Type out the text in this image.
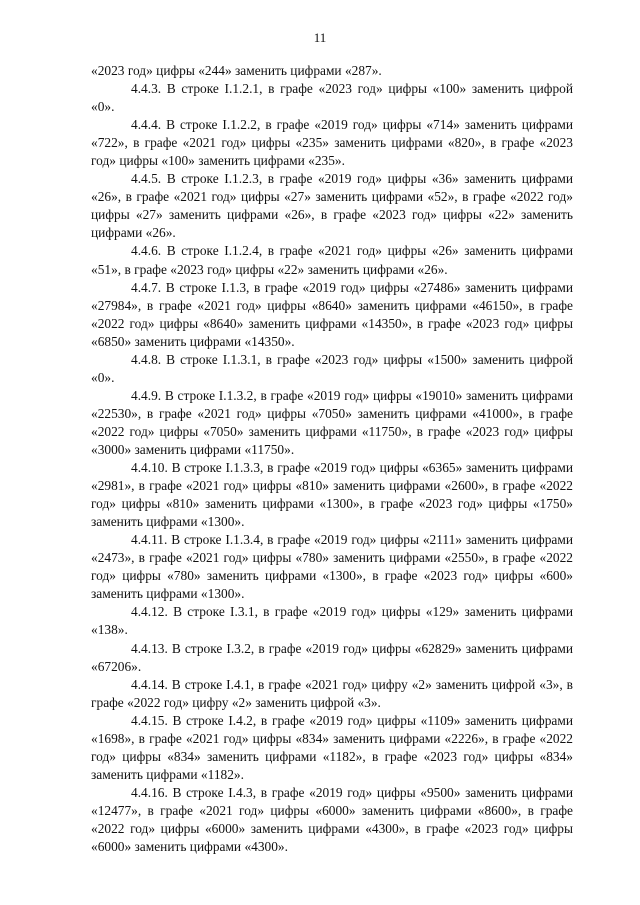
11

«2023 год» цифры «244» заменить цифрами «287».

4.4.3. В строке I.1.2.1, в графе «2023 год» цифры «100» заменить цифрой «0».

4.4.4. В строке I.1.2.2, в графе «2019 год» цифры «714» заменить цифрами «722», в графе «2021 год» цифры «235» заменить цифрами «820», в графе «2023 год» цифры «100» заменить цифрами «235».

4.4.5. В строке I.1.2.3, в графе «2019 год» цифры «36» заменить цифрами «26», в графе «2021 год» цифры «27» заменить цифрами «52», в графе «2022 год» цифры «27» заменить цифрами «26», в графе «2023 год» цифры «22» заменить цифрами «26».

4.4.6. В строке I.1.2.4, в графе «2021 год» цифры «26» заменить цифрами «51», в графе «2023 год» цифры «22» заменить цифрами «26».

4.4.7. В строке I.1.3, в графе «2019 год» цифры «27486» заменить цифрами «27984», в графе «2021 год» цифры «8640» заменить цифрами «46150», в графе «2022 год» цифры «8640» заменить цифрами «14350», в графе «2023 год» цифры «6850» заменить цифрами «14350».

4.4.8. В строке I.1.3.1, в графе «2023 год» цифры «1500» заменить цифрой «0».

4.4.9. В строке I.1.3.2, в графе «2019 год» цифры «19010» заменить цифрами «22530», в графе «2021 год» цифры «7050» заменить цифрами «41000», в графе «2022 год» цифры «7050» заменить цифрами «11750», в графе «2023 год» цифры «3000» заменить цифрами «11750».

4.4.10. В строке I.1.3.3, в графе «2019 год» цифры «6365» заменить цифрами «2981», в графе «2021 год» цифры «810» заменить цифрами «2600», в графе «2022 год» цифры «810» заменить цифрами «1300», в графе «2023 год» цифры «1750» заменить цифрами «1300».

4.4.11. В строке I.1.3.4, в графе «2019 год» цифры «2111» заменить цифрами «2473», в графе «2021 год» цифры «780» заменить цифрами «2550», в графе «2022 год» цифры «780» заменить цифрами «1300», в графе «2023 год» цифры «600» заменить цифрами «1300».

4.4.12. В строке I.3.1, в графе «2019 год» цифры «129» заменить цифрами «138».

4.4.13. В строке I.3.2, в графе «2019 год» цифры «62829» заменить цифрами «67206».

4.4.14. В строке I.4.1, в графе «2021 год» цифру «2» заменить цифрой «3», в графе «2022 год» цифру «2» заменить цифрой «3».

4.4.15. В строке I.4.2, в графе «2019 год» цифры «1109» заменить цифрами «1698», в графе «2021 год» цифры «834» заменить цифрами «2226», в графе «2022 год» цифры «834» заменить цифрами «1182», в графе «2023 год» цифры «834» заменить цифрами «1182».

4.4.16. В строке I.4.3, в графе «2019 год» цифры «9500» заменить цифрами «12477», в графе «2021 год» цифры «6000» заменить цифрами «8600», в графе «2022 год» цифры «6000» заменить цифрами «4300», в графе «2023 год» цифры «6000» заменить цифрами «4300».
